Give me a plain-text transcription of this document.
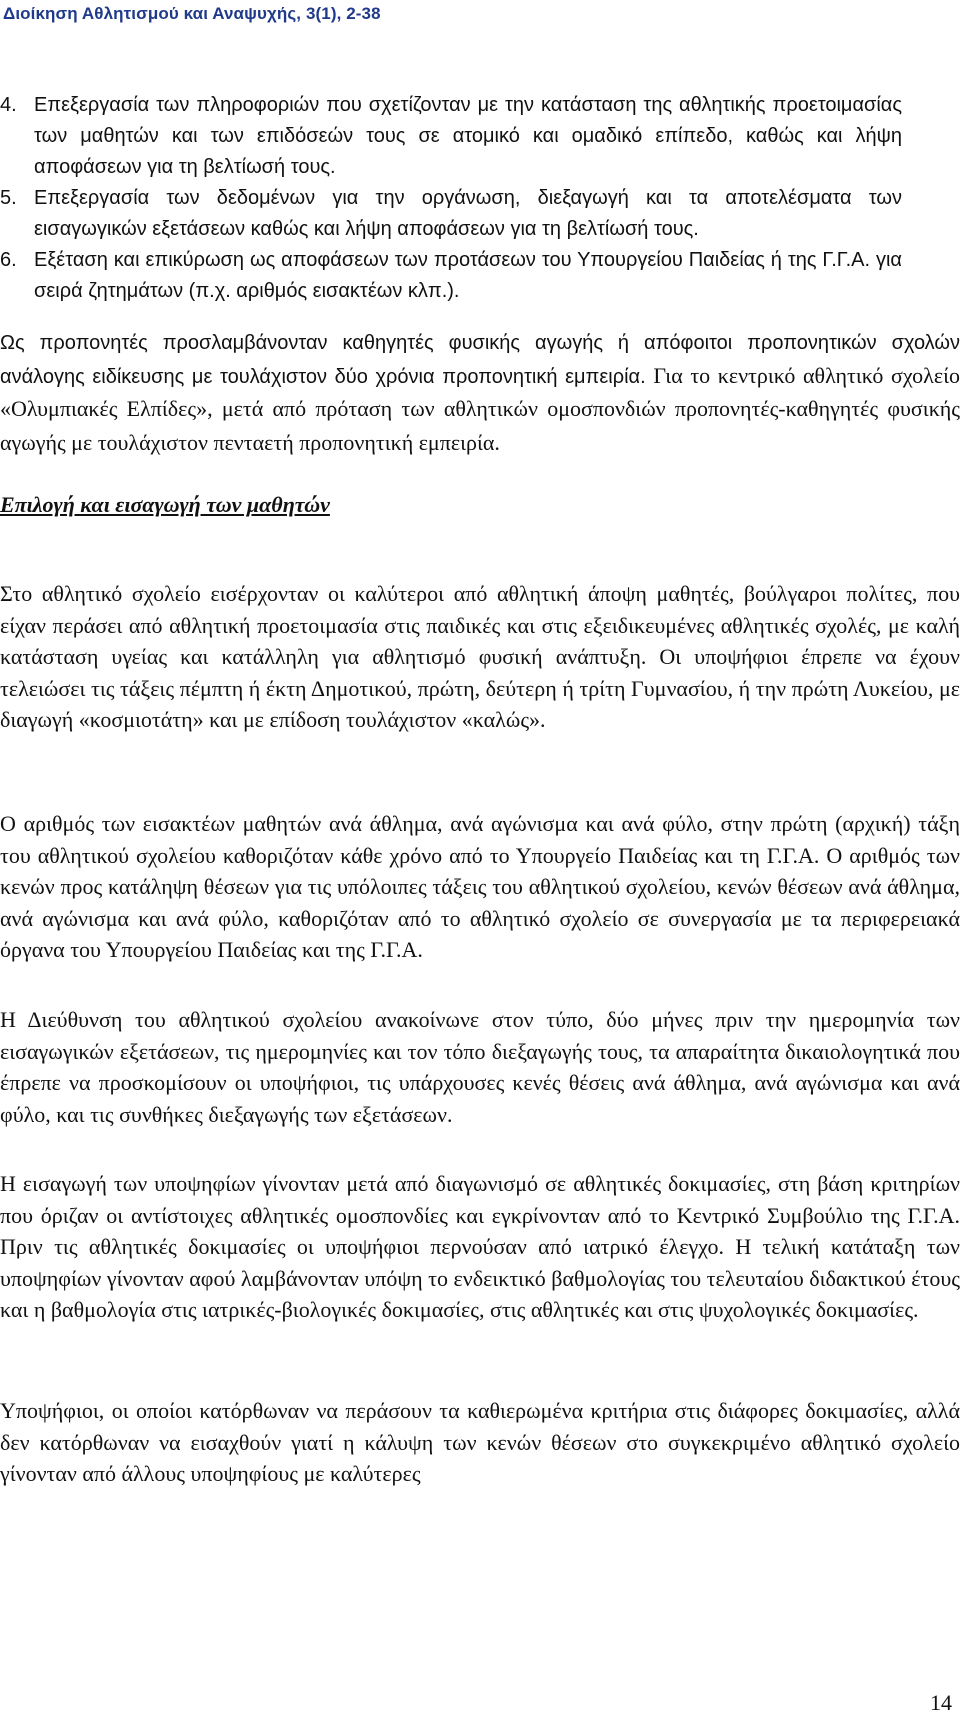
Διοίκηση Αθλητισμού και Αναψυχής, 3(1), 2-38
4. Επεξεργασία των πληροφοριών που σχετίζονταν με την κατάσταση της αθλητικής προετοιμασίας των μαθητών και των επιδόσεών τους σε ατομικό και ομαδικό επίπεδο, καθώς και λήψη αποφάσεων για τη βελτίωσή τους.
5. Επεξεργασία των δεδομένων για την οργάνωση, διεξαγωγή και τα αποτελέσματα των εισαγωγικών εξετάσεων καθώς και λήψη αποφάσεων για τη βελτίωσή τους.
6. Εξέταση και επικύρωση ως αποφάσεων των προτάσεων του Υπουργείου Παιδείας ή της Γ.Γ.Α. για σειρά ζητημάτων (π.χ. αριθμός εισακτέων κλπ.).

Ως προπονητές προσλαμβάνονταν καθηγητές φυσικής αγωγής ή απόφοιτοι προπονητικών σχολών ανάλογης ειδίκευσης με τουλάχιστον δύο χρόνια προπονητική εμπειρία. Για το κεντρικό αθλητικό σχολείο «Ολυμπιακές Ελπίδες», μετά από πρόταση των αθλητικών ομοσπονδιών προπονητές-καθηγητές φυσικής αγωγής με τουλάχιστον πενταετή προπονητική εμπειρία.

Επιλογή και εισαγωγή των μαθητών

Στο αθλητικό σχολείο εισέρχονταν οι καλύτεροι από αθλητική άποψη μαθητές, βούλγαροι πολίτες, που είχαν περάσει από αθλητική προετοιμασία στις παιδικές και στις εξειδικευμένες αθλητικές σχολές, με καλή κατάσταση υγείας και κατάλληλη για αθλητισμό φυσική ανάπτυξη. Οι υποψήφιοι έπρεπε να έχουν τελειώσει τις τάξεις πέμπτη ή έκτη Δημοτικού, πρώτη, δεύτερη ή τρίτη Γυμνασίου, ή την πρώτη Λυκείου, με διαγωγή «κοσμιοτάτη» και με επίδοση τουλάχιστον «καλώς».

Ο αριθμός των εισακτέων μαθητών ανά άθλημα, ανά αγώνισμα και ανά φύλο, στην πρώτη (αρχική) τάξη του αθλητικού σχολείου καθοριζόταν κάθε χρόνο από το Υπουργείο Παιδείας και τη Γ.Γ.Α. Ο αριθμός των κενών προς κατάληψη θέσεων για τις υπόλοιπες τάξεις του αθλητικού σχολείου, κενών θέσεων ανά άθλημα, ανά αγώνισμα και ανά φύλο, καθοριζόταν από το αθλητικό σχολείο σε συνεργασία με τα περιφερειακά όργανα του Υπουργείου Παιδείας και της Γ.Γ.Α.

Η Διεύθυνση του αθλητικού σχολείου ανακοίνωνε στον τύπο, δύο μήνες πριν την ημερομηνία των εισαγωγικών εξετάσεων, τις ημερομηνίες και τον τόπο διεξαγωγής τους, τα απαραίτητα δικαιολογητικά που έπρεπε να προσκομίσουν οι υποψήφιοι, τις υπάρχουσες κενές θέσεις ανά άθλημα, ανά αγώνισμα και ανά φύλο, και τις συνθήκες διεξαγωγής των εξετάσεων.

Η εισαγωγή των υποψηφίων γίνονταν μετά από διαγωνισμό σε αθλητικές δοκιμασίες, στη βάση κριτηρίων που όριζαν οι αντίστοιχες αθλητικές ομοσπονδίες και εγκρίνονταν από το Κεντρικό Συμβούλιο της Γ.Γ.Α. Πριν τις αθλητικές δοκιμασίες οι υποψήφιοι περνούσαν από ιατρικό έλεγχο. Η τελική κατάταξη των υποψηφίων γίνονταν αφού λαμβάνονταν υπόψη το ενδεικτικό βαθμολογίας του τελευταίου διδακτικού έτους και η βαθμολογία στις ιατρικές-βιολογικές δοκιμασίες, στις αθλητικές και στις ψυχολογικές δοκιμασίες.

Υποψήφιοι, οι οποίοι κατόρθωναν να περάσουν τα καθιερωμένα κριτήρια στις διάφορες δοκιμασίες, αλλά δεν κατόρθωναν να εισαχθούν γιατί η κάλυψη των κενών θέσεων στο συγκεκριμένο αθλητικό σχολείο γίνονταν από άλλους υποψηφίους με καλύτερες

14
